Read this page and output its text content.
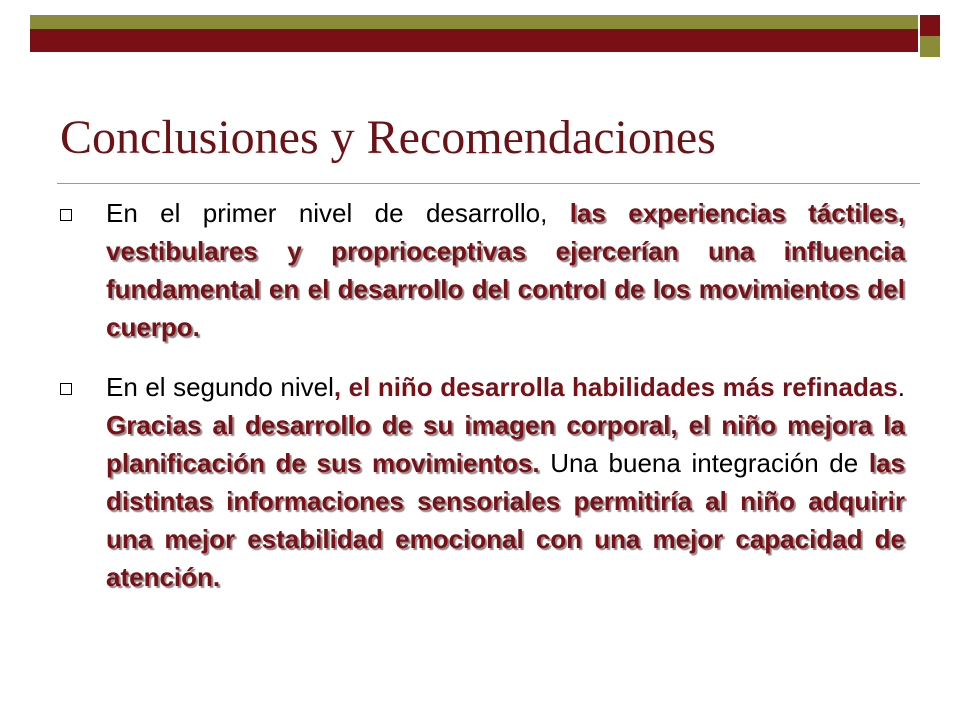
Conclusiones y Recomendaciones
En el primer nivel de desarrollo, las experiencias táctiles, vestibulares y proprioceptivas ejercerían una influencia fundamental en el desarrollo del control de los movimientos del cuerpo.
En el segundo nivel, el niño desarrolla habilidades más refinadas. Gracias al desarrollo de su imagen corporal, el niño mejora la planificación de sus movimientos. Una buena integración de las distintas informaciones sensoriales permitiría al niño adquirir una mejor estabilidad emocional con una mejor capacidad de atención.
